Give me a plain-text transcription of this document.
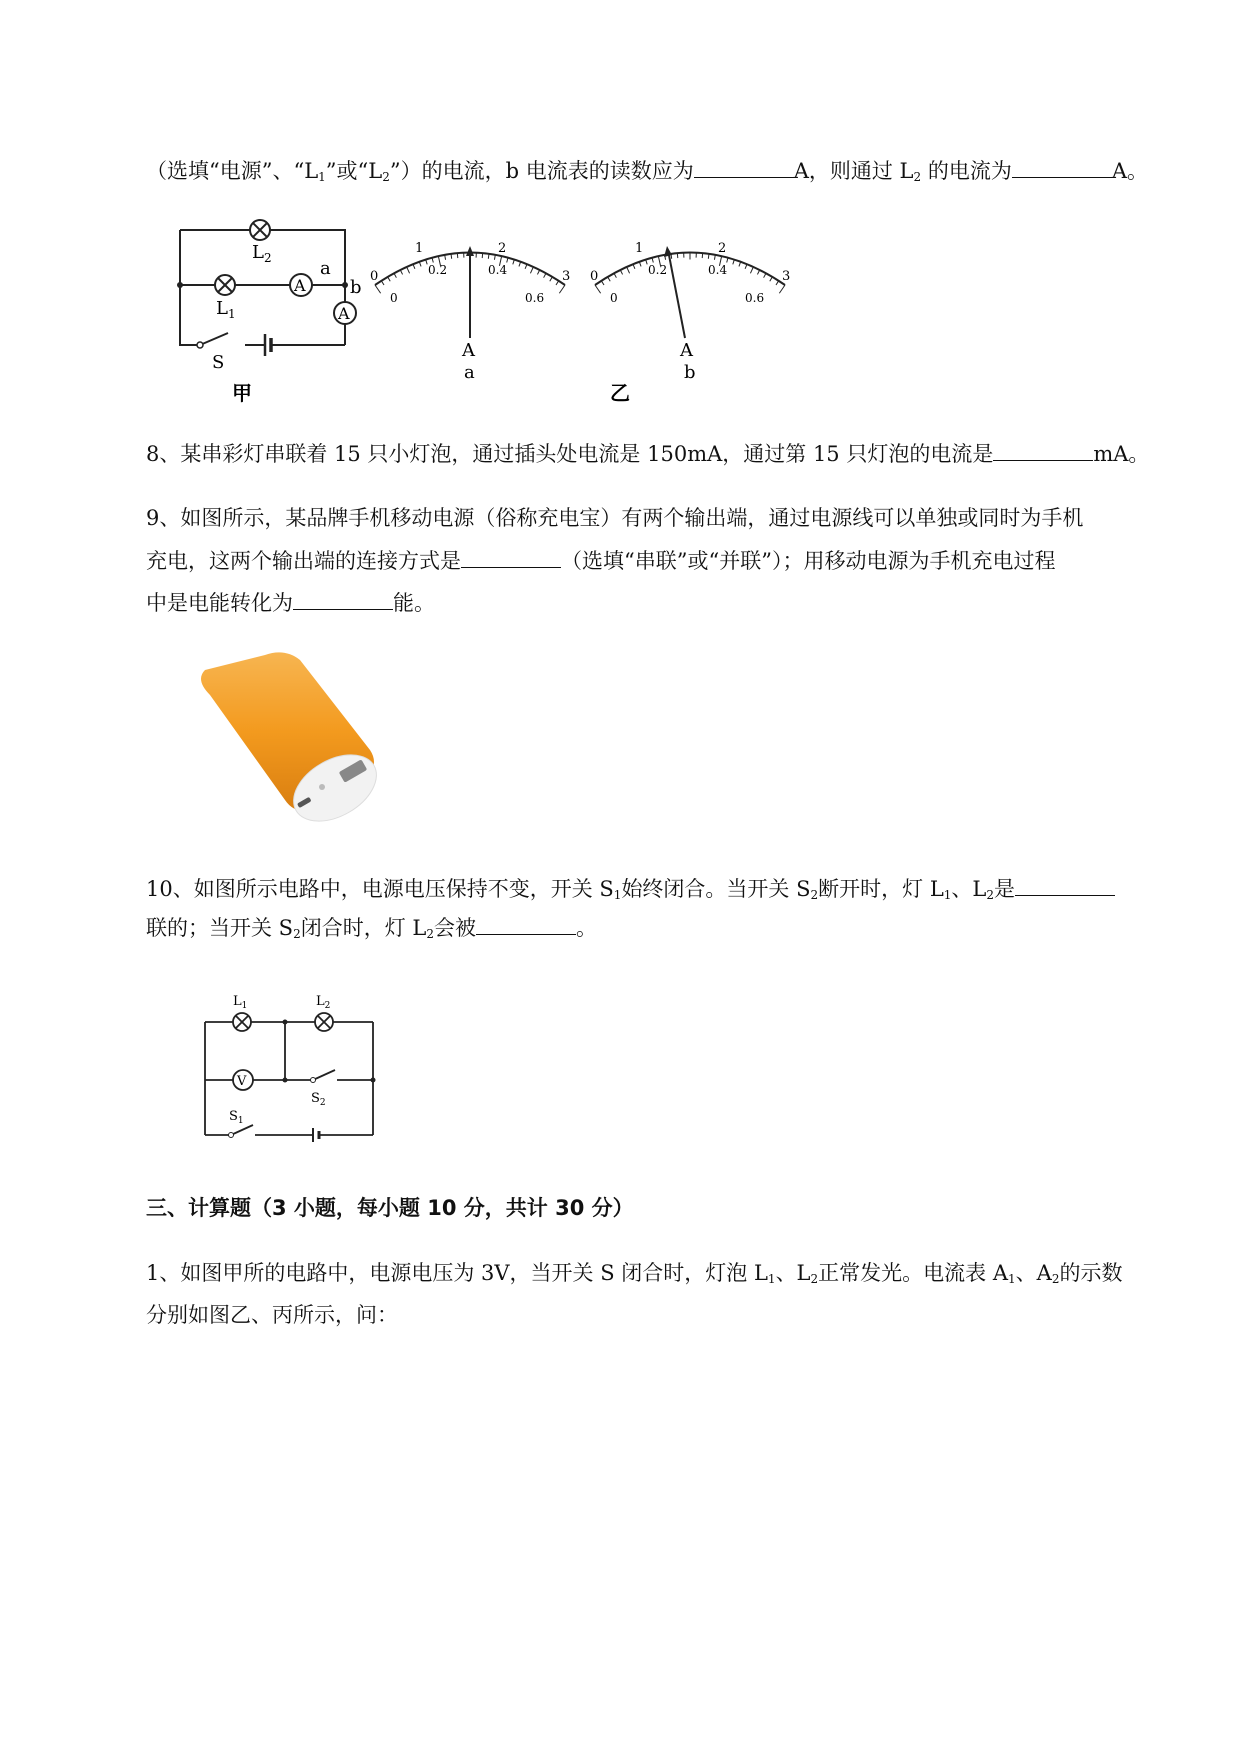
（选填“电源”、“$L_1$”或“$L_2$”）的电流，b 电流表的读数应为	A，则通过 $L_2$ 的电流为	A。
A
A
$L_2$
$L_1$
a
b
S
甲	乙
0
1	2
3
0
0.2	0.4
0.6
A
a
0
1	2
3
0
0.2	0.4
0.6
A
b
8、某串彩灯串联着 15 只小灯泡，通过插头处电流是 150mA，通过第 15 只灯泡的电流是	mA。
9、如图所示，某品牌手机移动电源（俗称充电宝）有两个输出端，通过电源线可以单独或同时为手机
充电，这两个输出端的连接方式是	（选填“串联”或“并联”）；用移动电源为手机充电过程
中是电能转化为	能。
10、如图所示电路中，电源电压保持不变，开关 $S_1$始终闭合。当开关 $S_2$断开时，灯 $L_1$、$L_2$是
联的；当开关 $S_2$闭合时，灯 $L_2$会被	。
V
$L_1$	$L_2$
$S_2$
$S_1$
三、计算题（3 小题，每小题 10 分，共计 30 分）
1、如图甲所的电路中，电源电压为 3V，当开关 S 闭合时，灯泡 $L_1$、$L_2$正常发光。电流表 $A_1$、$A_2$的示数
分别如图乙、丙所示，问：
